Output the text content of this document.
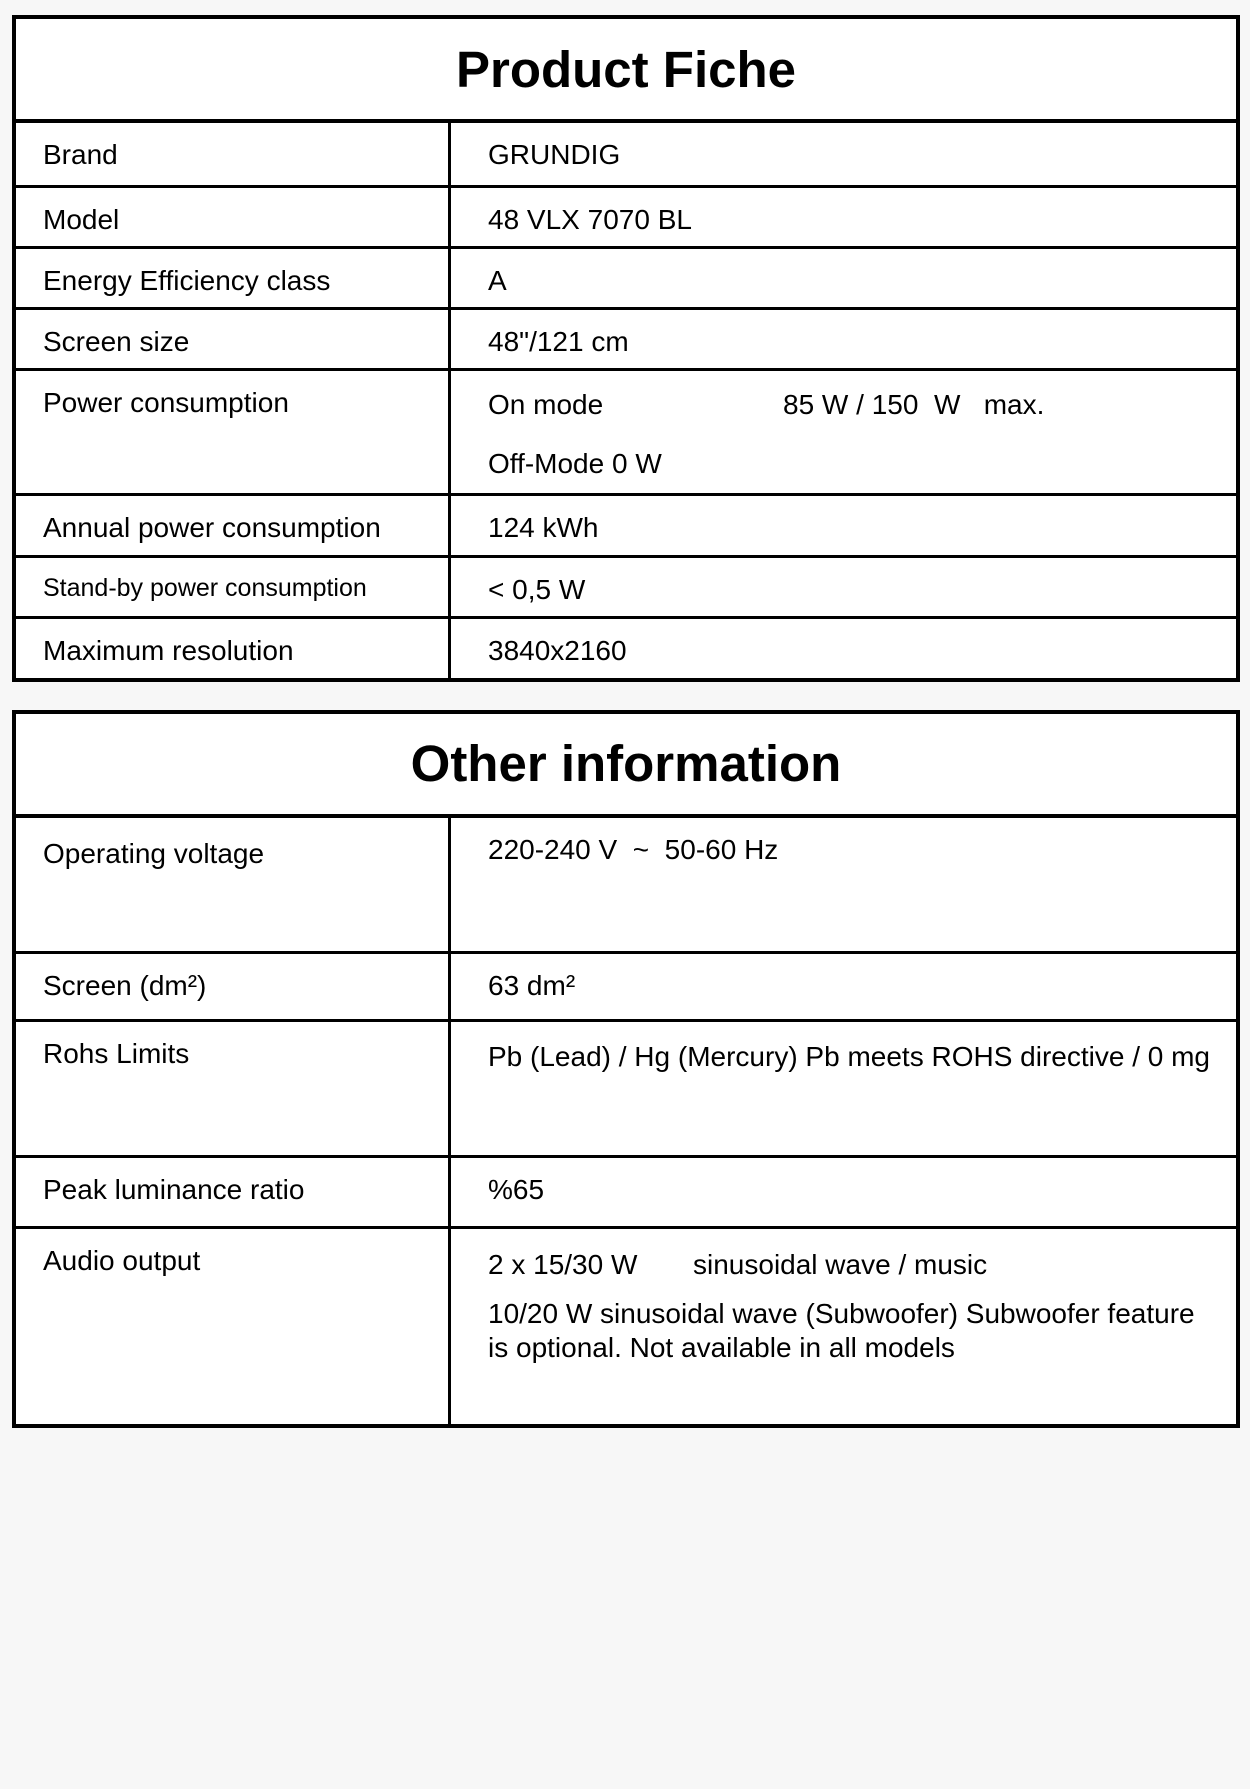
Product Fiche
Brand	GRUNDIG
Model	48 VLX 7070 BL
Energy Efficiency class	A
Screen size	48"/121 cm
Power consumption	On mode	85 W / 150  W   max.
Off-Mode 0 W
Annual power consumption	124 kWh
Stand-by power consumption	< 0,5 W
Maximum resolution	3840x2160
Other information
Operating voltage	220-240 V  ~  50-60 Hz
Screen (dm²)	63 dm²
Rohs Limits	Pb (Lead) / Hg (Mercury) Pb meets ROHS directive / 0 mg
Peak luminance ratio	%65
Audio output	2 x 15/30 W	sinusoidal wave / music
10/20 W sinusoidal wave (Subwoofer) Subwoofer feature is optional. Not available in all models
